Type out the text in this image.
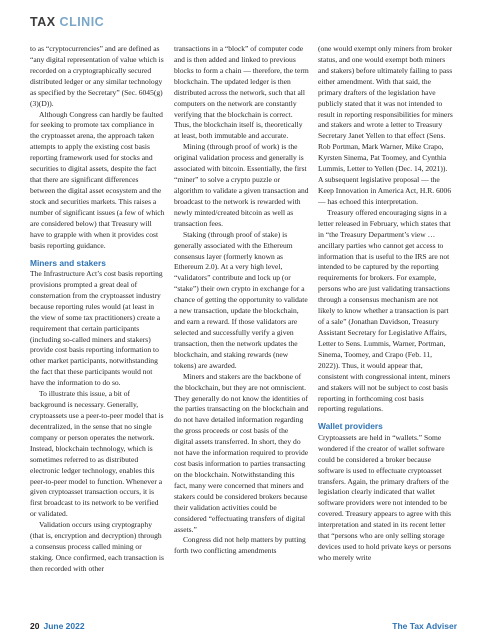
TAX CLINIC

to as “cryptocurrencies” and are defined as “any digital representation of value which is recorded on a cryptographically secured distributed ledger or any similar technology as specified by the Secretary” (Sec. 6045(g)(3)(D)).

Although Congress can hardly be faulted for seeking to promote tax compliance in the cryptoasset arena, the approach taken attempts to apply the existing cost basis reporting framework used for stocks and securities to digital assets, despite the fact that there are significant differences between the digital asset ecosystem and the stock and securities markets. This raises a number of significant issues (a few of which are considered below) that Treasury will have to grapple with when it provides cost basis reporting guidance.

Miners and stakers

The Infrastructure Act’s cost basis reporting provisions prompted a great deal of consternation from the cryptoasset industry because reporting rules would (at least in the view of some tax practitioners) create a requirement that certain participants (including so-called miners and stakers) provide cost basis reporting information to other market participants, notwithstanding the fact that these participants would not have the information to do so.

To illustrate this issue, a bit of background is necessary. Generally, cryptoassets use a peer-to-peer model that is decentralized, in the sense that no single company or person operates the network. Instead, blockchain technology, which is sometimes referred to as distributed electronic ledger technology, enables this peer-to-peer model to function. Whenever a given cryptoasset transaction occurs, it is first broadcast to its network to be verified or validated.

Validation occurs using cryptography (that is, encryption and decryption) through a consensus process called mining or staking. Once confirmed, each transaction is then recorded with other

transactions in a “block” of computer code and is then added and linked to previous blocks to form a chain — therefore, the term blockchain. The updated ledger is then distributed across the network, such that all computers on the network are constantly verifying that the blockchain is correct. Thus, the blockchain itself is, theoretically at least, both immutable and accurate.

Mining (through proof of work) is the original validation process and generally is associated with bitcoin. Essentially, the first “miner” to solve a crypto puzzle or algorithm to validate a given transaction and broadcast to the network is rewarded with newly minted/created bitcoin as well as transaction fees.

Staking (through proof of stake) is generally associated with the Ethereum consensus layer (formerly known as Ethereum 2.0). At a very high level, “validators” contribute and lock up (or “stake”) their own crypto in exchange for a chance of getting the opportunity to validate a new transaction, update the blockchain, and earn a reward. If those validators are selected and successfully verify a given transaction, then the network updates the blockchain, and staking rewards (new tokens) are awarded.

Miners and stakers are the backbone of the blockchain, but they are not omniscient. They generally do not know the identities of the parties transacting on the blockchain and do not have detailed information regarding the gross proceeds or cost basis of the digital assets transferred. In short, they do not have the information required to provide cost basis information to parties transacting on the blockchain. Notwithstanding this fact, many were concerned that miners and stakers could be considered brokers because their validation activities could be considered “effectuating transfers of digital assets.”

Congress did not help matters by putting forth two conflicting amendments

(one would exempt only miners from broker status, and one would exempt both miners and stakers) before ultimately failing to pass either amendment. With that said, the primary drafters of the legislation have publicly stated that it was not intended to result in reporting responsibilities for miners and stakers and wrote a letter to Treasury Secretary Janet Yellen to that effect (Sens. Rob Portman, Mark Warner, Mike Crapo, Kyrsten Sinema, Pat Toomey, and Cynthia Lummis, Letter to Yellen (Dec. 14, 2021)). A subsequent legislative proposal — the Keep Innovation in America Act, H.R. 6006 — has echoed this interpretation.

Treasury offered encouraging signs in a letter released in February, which states that in “the Treasury Department’s view … ancillary parties who cannot get access to information that is useful to the IRS are not intended to be captured by the reporting requirements for brokers. For example, persons who are just validating transactions through a consensus mechanism are not likely to know whether a transaction is part of a sale” (Jonathan Davidson, Treasury Assistant Secretary for Legislative Affairs, Letter to Sens. Lummis, Warner, Portman, Sinema, Toomey, and Crapo (Feb. 11, 2022)). Thus, it would appear that, consistent with congressional intent, miners and stakers will not be subject to cost basis reporting in forthcoming cost basis reporting regulations.

Wallet providers

Cryptoassets are held in “wallets.” Some wondered if the creator of wallet software could be considered a broker because software is used to effectuate cryptoasset transfers. Again, the primary drafters of the legislation clearly indicated that wallet software providers were not intended to be covered. Treasury appears to agree with this interpretation and stated in its recent letter that “persons who are only selling storage devices used to hold private keys or persons who merely write

20 June 2022	The Tax Adviser
